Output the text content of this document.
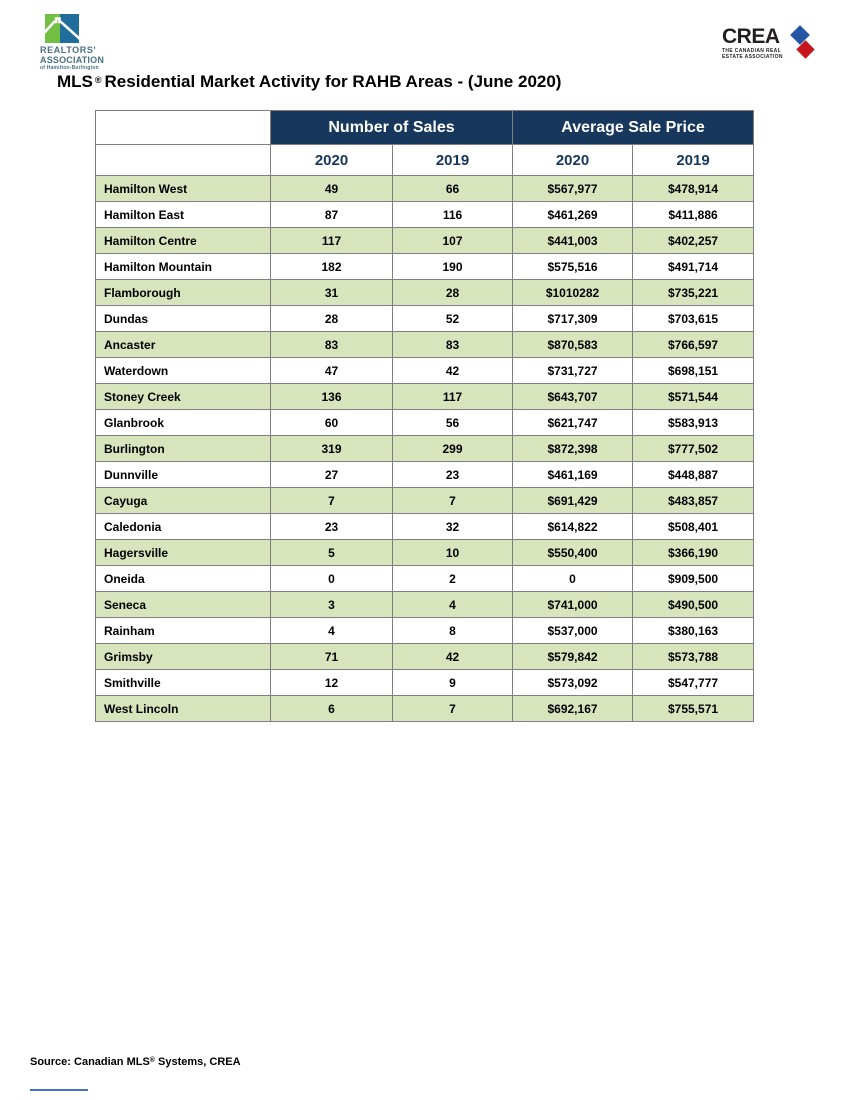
REALTORS'
ASSOCIATION
of Hamilton-Burlington
CREA
THE CANADIAN REAL
ESTATE ASSOCIATION
MLS ® Residential Market Activity for RAHB Areas - (June 2020)
	Number of Sales		Average Sale Price	
	2020	2019	2020	2019
Hamilton West	49	66	$567,977	$478,914
Hamilton East	87	116	$461,269	$411,886
Hamilton Centre	117	107	$441,003	$402,257
Hamilton Mountain	182	190	$575,516	$491,714
Flamborough	31	28	$1010282	$735,221
Dundas	28	52	$717,309	$703,615
Ancaster	83	83	$870,583	$766,597
Waterdown	47	42	$731,727	$698,151
Stoney Creek	136	117	$643,707	$571,544
Glanbrook	60	56	$621,747	$583,913
Burlington	319	299	$872,398	$777,502
Dunnville	27	23	$461,169	$448,887
Cayuga	7	7	$691,429	$483,857
Caledonia	23	32	$614,822	$508,401
Hagersville	5	10	$550,400	$366,190
Oneida	0	2	0	$909,500
Seneca	3	4	$741,000	$490,500
Rainham	4	8	$537,000	$380,163
Grimsby	71	42	$579,842	$573,788
Smithville	12	9	$573,092	$547,777
West Lincoln	6	7	$692,167	$755,571
Source: Canadian MLS® Systems, CREA
